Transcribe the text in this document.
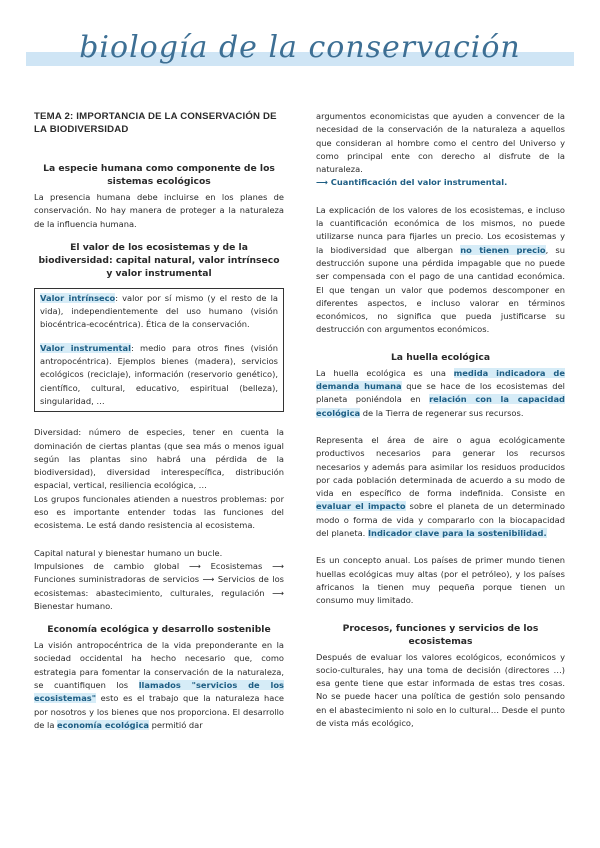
biología de la conservación
TEMA 2: IMPORTANCIA DE LA CONSERVACIÓN DE LA BIODIVERSIDAD
La especie humana como componente de los sistemas ecológicos

La presencia humana debe incluirse en los planes de conservación. No hay manera de proteger a la naturaleza de la influencia humana.

El valor de los ecosistemas y de la biodiversidad: capital natural, valor intrínseco y valor instrumental

Valor intrínseco: valor por sí mismo (y el resto de la vida), independientemente del uso humano (visión biocéntrica-ecocéntrica). Ética de la conservación.

Valor instrumental: medio para otros fines (visión antropocéntrica). Ejemplos bienes (madera), servicios ecológicos (reciclaje), información (reservorio genético), científico, cultural, educativo, espiritual (belleza), singularidad, …

Diversidad: número de especies, tener en cuenta la dominación de ciertas plantas (que sea más o menos igual según las plantas sino habrá una pérdida de la biodiversidad), diversidad interespecífica, distribución espacial, vertical, resiliencia ecológica, …

Los grupos funcionales atienden a nuestros problemas: por eso es importante entender todas las funciones del ecosistema. Le está dando resistencia al ecosistema.

Capital natural y bienestar humano un bucle.

Impulsiones de cambio global ⟶ Ecosistemas ⟶ Funciones suministradoras de servicios ⟶ Servicios de los ecosistemas: abastecimiento, culturales, regulación ⟶ Bienestar humano.

Economía ecológica y desarrollo sostenible

La visión antropocéntrica de la vida preponderante en la sociedad occidental ha hecho necesario que, como estrategia para fomentar la conservación de la naturaleza, se cuantifiquen los llamados "servicios de los ecosistemas" esto es el trabajo que la naturaleza hace por nosotros y los bienes que nos proporciona. El desarrollo de la economía ecológica permitió dar

argumentos economicistas que ayuden a convencer de la necesidad de la conservación de la naturaleza a aquellos que consideran al hombre como el centro del Universo y como principal ente con derecho al disfrute de la naturaleza.

⟶ Cuantificación del valor instrumental.

La explicación de los valores de los ecosistemas, e incluso la cuantificación económica de los mismos, no puede utilizarse nunca para fijarles un precio. Los ecosistemas y la biodiversidad que albergan no tienen precio, su destrucción supone una pérdida impagable que no puede ser compensada con el pago de una cantidad económica. El que tengan un valor que podemos descomponer en diferentes aspectos, e incluso valorar en términos económicos, no significa que pueda justificarse su destrucción con argumentos económicos.

La huella ecológica

La huella ecológica es una medida indicadora de demanda humana que se hace de los ecosistemas del planeta poniéndola en relación con la capacidad ecológica de la Tierra de regenerar sus recursos.

Representa el área de aire o agua ecológicamente productivos necesarios para generar los recursos necesarios y además para asimilar los residuos producidos por cada población determinada de acuerdo a su modo de vida en específico de forma indefinida. Consiste en evaluar el impacto sobre el planeta de un determinado modo o forma de vida y compararlo con la biocapacidad del planeta. Indicador clave para la sostenibilidad.

Es un concepto anual. Los países de primer mundo tienen huellas ecológicas muy altas (por el petróleo), y los países africanos la tienen muy pequeña porque tienen un consumo muy limitado.

Procesos, funciones y servicios de los ecosistemas

Después de evaluar los valores ecológicos, económicos y socio-culturales, hay una toma de decisión (directores …) esa gente tiene que estar informada de estas tres cosas. No se puede hacer una política de gestión solo pensando en el abastecimiento ni solo en lo cultural… Desde el punto de vista más ecológico,
